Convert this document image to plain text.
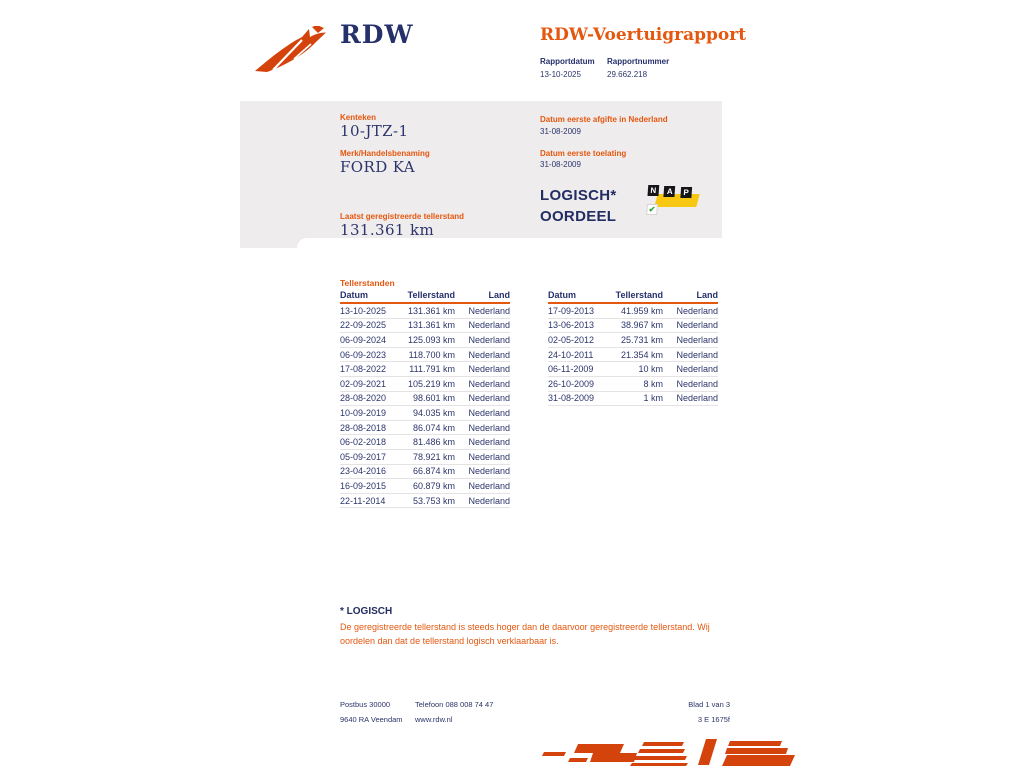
RDW	RDW-Voertuigrapport
Rapportdatum
13-10-2025
Rapportnummer
29.662.218
Kenteken
10-JTZ-1
Merk/Handelsbenaming
FORD KA
Laatst geregistreerde tellerstand
131.361 km
Datum eerste afgifte in Nederland
31-08-2009
Datum eerste toelating
31-08-2009
LOGISCH*
OORDEEL
N A P ✔
Tellerstanden
Datum	Tellerstand	Land
13-10-2025	131.361 km	Nederland
22-09-2025	131.361 km	Nederland
06-09-2024	125.093 km	Nederland
06-09-2023	118.700 km	Nederland
17-08-2022	111.791 km	Nederland
02-09-2021	105.219 km	Nederland
28-08-2020	98.601 km	Nederland
10-09-2019	94.035 km	Nederland
28-08-2018	86.074 km	Nederland
06-02-2018	81.486 km	Nederland
05-09-2017	78.921 km	Nederland
23-04-2016	66.874 km	Nederland
16-09-2015	60.879 km	Nederland
22-11-2014	53.753 km	Nederland
Datum	Tellerstand	Land
17-09-2013	41.959 km	Nederland
13-06-2013	38.967 km	Nederland
02-05-2012	25.731 km	Nederland
24-10-2011	21.354 km	Nederland
06-11-2009	10 km	Nederland
26-10-2009	8 km	Nederland
31-08-2009	1 km	Nederland
* LOGISCH
De geregistreerde tellerstand is steeds hoger dan de daarvoor geregistreerde tellerstand. Wij oordelen dan dat de tellerstand logisch verklaarbaar is.
Postbus 30000
9640 RA Veendam
Telefoon 088 008 74 47
www.rdw.nl
Blad 1 van 3
3 E 1675f
